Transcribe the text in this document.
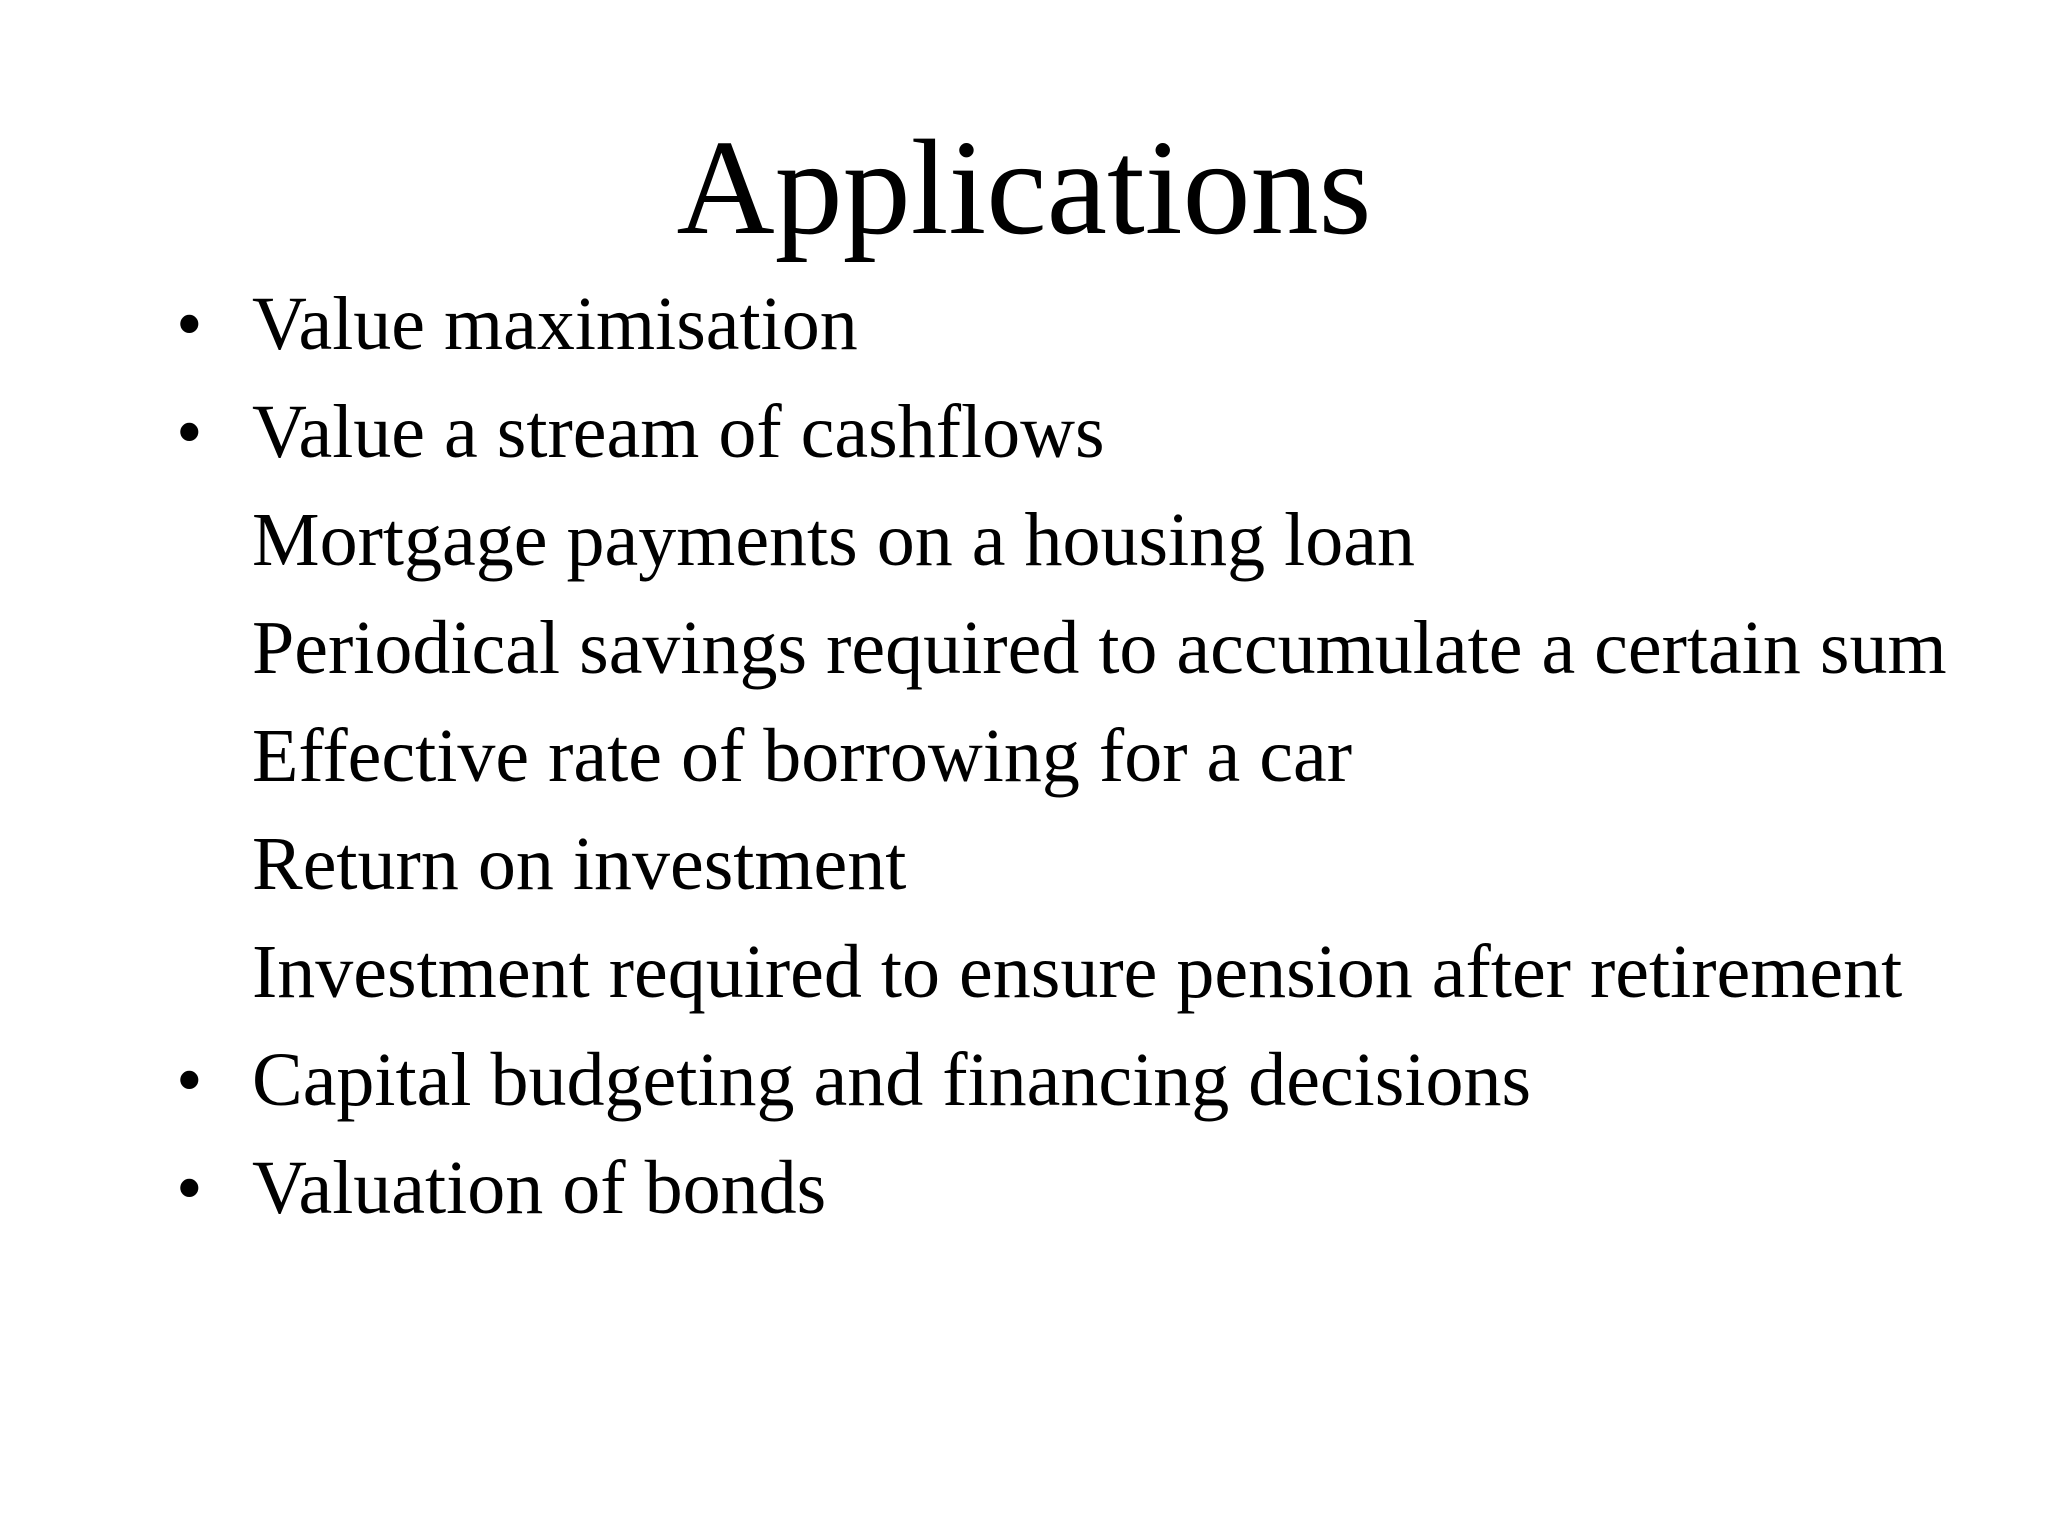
Applications
• Value maximisation
• Value a stream of cashflows
Mortgage payments on a housing loan
Periodical savings required to accumulate a certain sum
Effective rate of borrowing for a car
Return on investment
Investment required to ensure pension after retirement
• Capital budgeting and financing decisions
• Valuation of bonds
